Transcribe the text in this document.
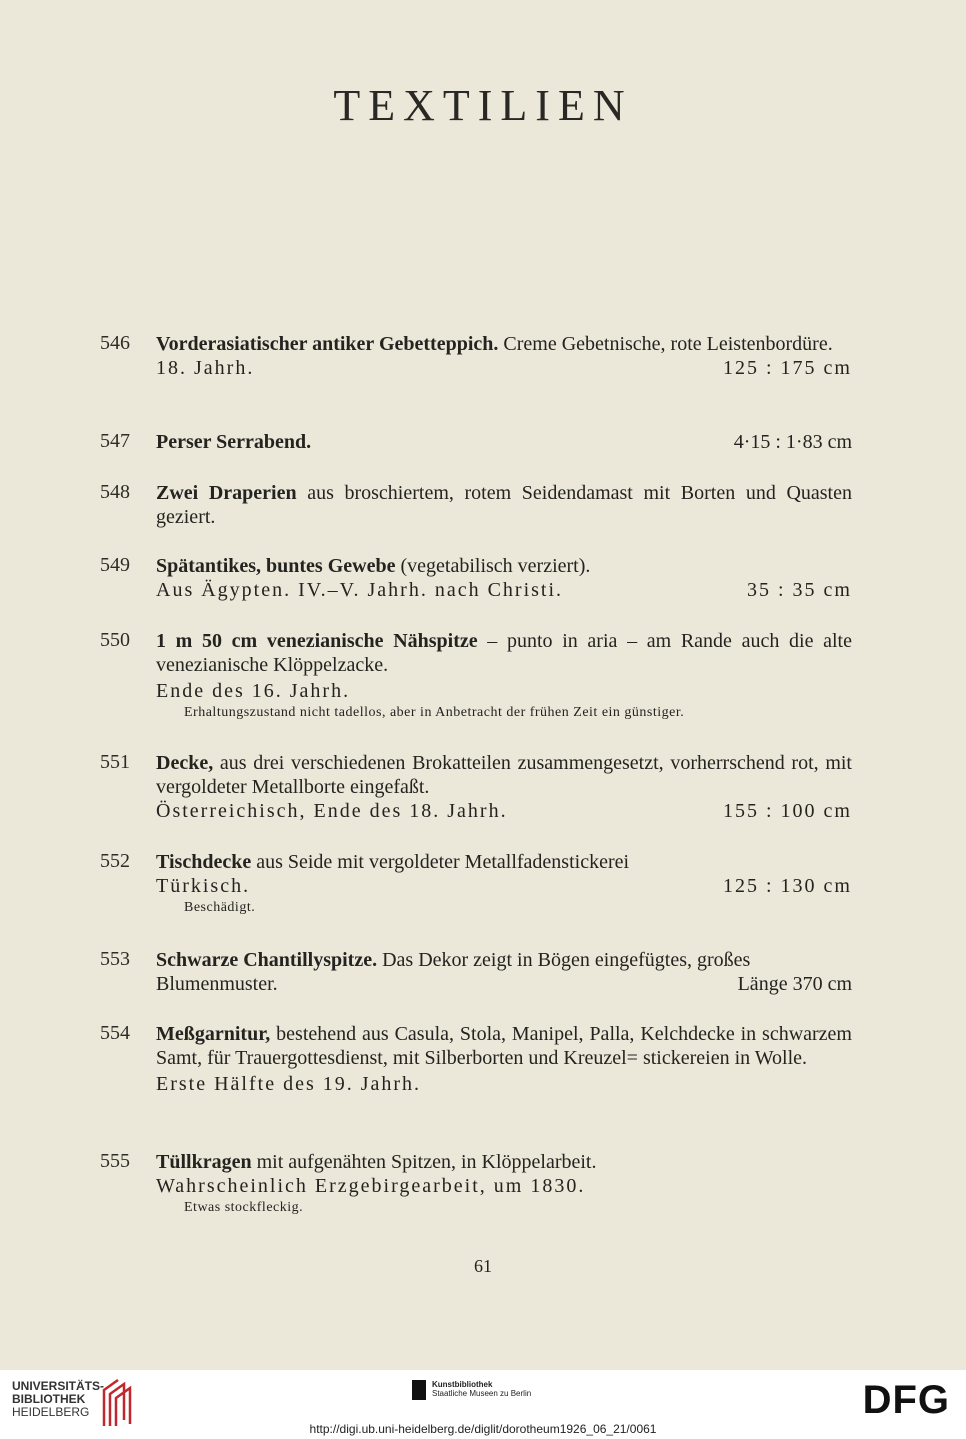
TEXTILIEN
546	Vorderasiatischer antiker Gebetteppich. Creme Gebetnische, rote Leistenbordüre.
18. Jahrh.	125 : 175 cm
547	Perser Serrabend.	4·15 : 1·83 cm
548	Zwei Draperien aus broschiertem, rotem Seidendamast mit Borten und Quasten geziert.
549	Spätantikes, buntes Gewebe (vegetabilisch verziert).
Aus Ägypten. IV.–V. Jahrh. nach Christi.	35 : 35 cm
550	1 m 50 cm venezianische Nähspitze – punto in aria – am Rande auch die alte venezianische Klöppelzacke.
Ende des 16. Jahrh.
Erhaltungszustand nicht tadellos, aber in Anbetracht der frühen Zeit ein günstiger.
551	Decke, aus drei verschiedenen Brokatteilen zusammengesetzt, vorherrschend rot, mit vergoldeter Metallborte eingefaßt.
Österreichisch, Ende des 18. Jahrh.	155 : 100 cm
552	Tischdecke aus Seide mit vergoldeter Metallfadenstickerei
Türkisch.	125 : 130 cm
Beschädigt.
553	Schwarze Chantillyspitze. Das Dekor zeigt in Bögen eingefügtes, großes
Blumenmuster.	Länge 370 cm
554	Meßgarnitur, bestehend aus Casula, Stola, Manipel, Palla, Kelchdecke in schwarzem Samt, für Trauergottesdienst, mit Silberborten und Kreuzel= stickereien in Wolle.
Erste Hälfte des 19. Jahrh.
555	Tüllkragen mit aufgenähten Spitzen, in Klöppelarbeit.
Wahrscheinlich Erzgebirgearbeit, um 1830.
Etwas stockfleckig.
61
UNIVERSITÄTS-
BIBLIOTHEK
HEIDELBERG
Kunstbibliothek
Staatliche Museen zu Berlin	DFG
http://digi.ub.uni-heidelberg.de/diglit/dorotheum1926_06_21/0061
